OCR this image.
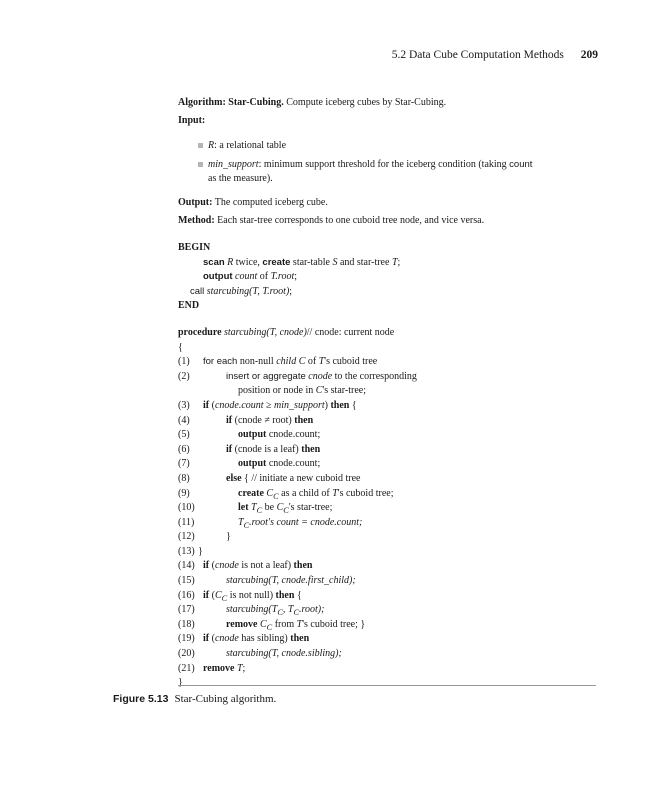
5.2 Data Cube Computation Methods 209

Algorithm: Star-Cubing. Compute iceberg cubes by Star-Cubing.

Input:

R: a relational table
min_support: minimum support threshold for the iceberg condition (taking count
as the measure).

Output: The computed iceberg cube.

Method: Each star-tree corresponds to one cuboid tree node, and vice versa.

BEGIN
scan R twice, create star-table S and star-tree T;
output count of T.root;
call starcubing(T, T.root);
END
procedure starcubing(T, cnode)// cnode: current node
{
(1)	for each non-null child C of T's cuboid tree
(2)	insert or aggregate cnode to the corresponding
position or node in C's star-tree;
(3)	if (cnode.count ≥ min_support) then {
(4)	if (cnode ≠ root) then
(5)	output cnode.count;
(6)	if (cnode is a leaf) then
(7)	output cnode.count;
(8)	else { // initiate a new cuboid tree
(9)	create $C_C$ as a child of T's cuboid tree;
(10)	let $T_C$ be $C_C's$ star-tree;
(11)	$T_C.root's$ count = cnode.count;
(12)	}
(13) }
(14) if (cnode is not a leaf) then
(15)	starcubing(T, cnode.first_child);
(16) if ($C_C$ is not null) then {
(17)	$starcubing(T_C$, $T_C.root$);
(18)	remove $C_C$ from T's cuboid tree; }
(19) if (cnode has sibling) then
(20)	starcubing(T, cnode.sibling);
(21) remove T;
}
Figure 5.13 Star-Cubing algorithm.
